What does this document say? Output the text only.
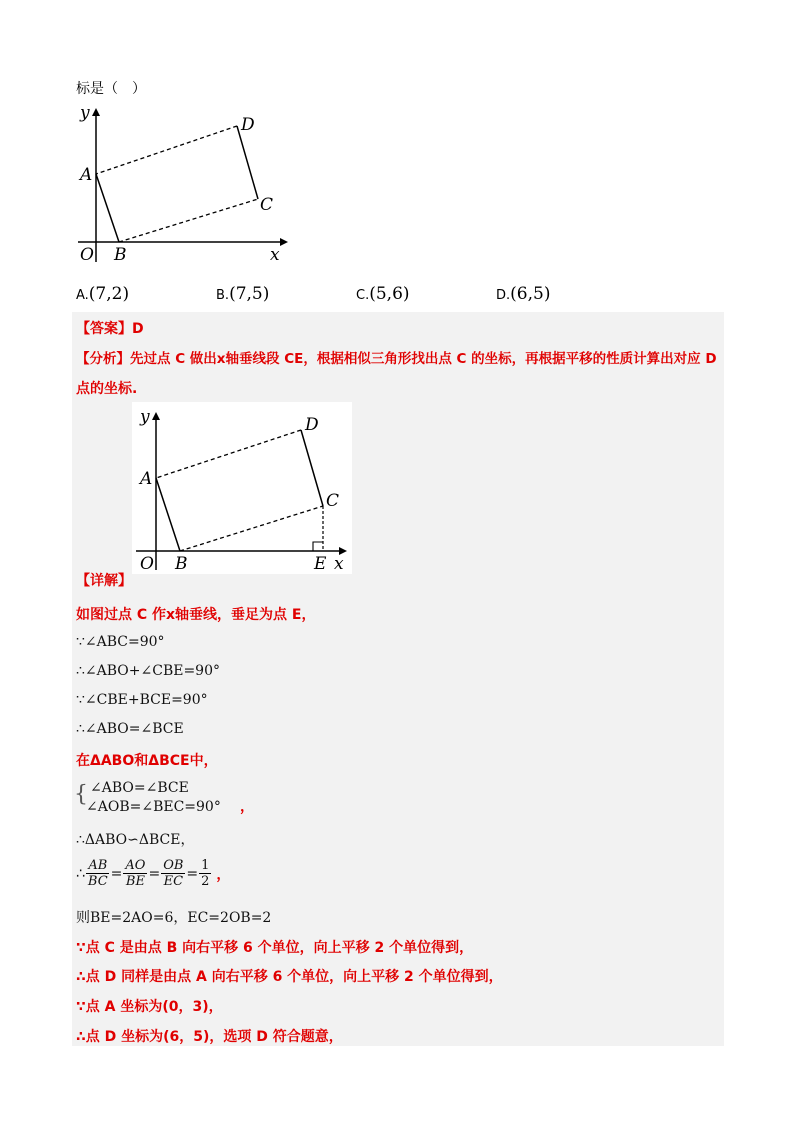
标是（　）
y
x
O
A
B
C
D
A.(7,2)	B.(7,5)	C.(5,6)	D.(6,5)
【答案】D
【分析】先过点 C 做出x轴垂线段 CE，根据相似三角形找出点 C 的坐标，再根据平移的性质计算出对应 D
点的坐标.
y
x
O
A
B
C
D
E
【详解】
如图过点 C 作x轴垂线，垂足为点 E，
∵∠ABC=90°
∴∠ABO+∠CBE=90°
∵∠CBE+BCE=90°
∴∠ABO=∠BCE
在ΔABO和ΔBCE中，
{ ∠ABO=∠BCE
∠AOB=∠BEC=90° ，
∴ΔABO∽ΔBCE，
∴ $\frac{AB}{BC} = \frac{AO}{BE} = \frac{OB}{EC} = \frac{1}{2}$ ，
则BE=2AO=6，EC=2OB=2
∵点 C 是由点 B 向右平移 6 个单位，向上平移 2 个单位得到，
∴点 D 同样是由点 A 向右平移 6 个单位，向上平移 2 个单位得到，
∵点 A 坐标为(0，3)，
∴点 D 坐标为(6，5)，选项 D 符合题意，
